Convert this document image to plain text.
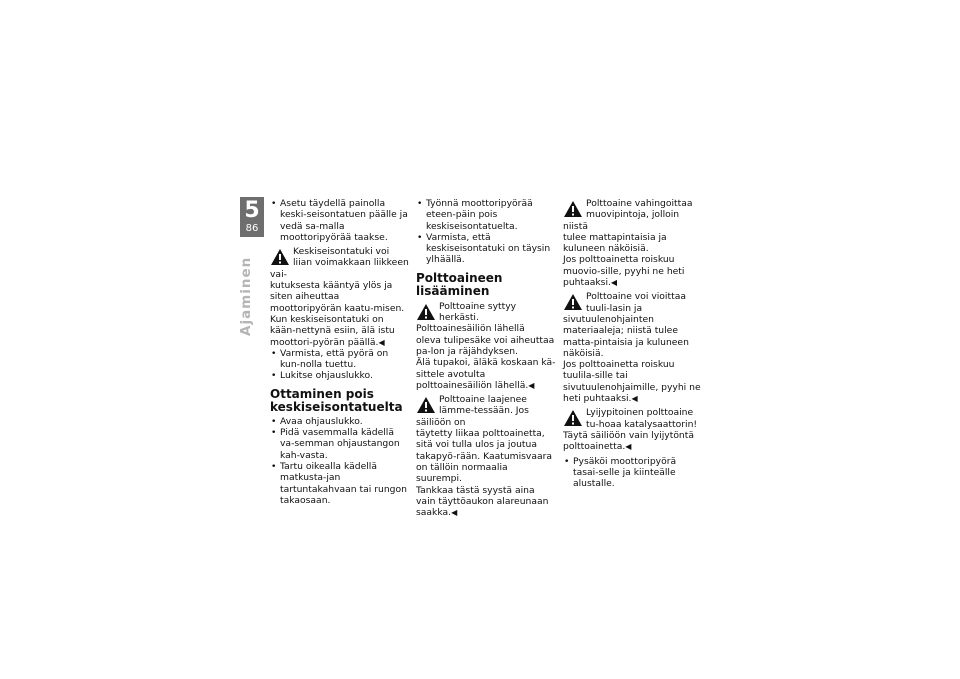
5
86
Ajaminen
• Asetu täydellä painolla keski-seisontatuen päälle ja vedä sa-malla moottoripyörää taakse.
Keskiseisontatuki voi liian voimakkaan liikkeen vai-
kutuksesta kääntyä ylös ja siten aiheuttaa moottoripyörän kaatu-misen.
Kun keskiseisontatuki on kään-nettynä esiin, älä istu moottori-pyörän päällä.◀
• Varmista, että pyörä on kun-nolla tuettu.
• Lukitse ohjauslukko.
Ottaminen pois keskiseisontatuelta
• Avaa ohjauslukko.
• Pidä vasemmalla kädellä va-semman ohjaustangon kah-vasta.
• Tartu oikealla kädellä matkusta-jan tartuntakahvaan tai rungon takaosaan.
• Työnnä moottoripyörää eteen-päin pois keskiseisontatuelta.
• Varmista, että keskiseisontatuki on täysin ylhäällä.
Polttoaineen lisääminen
Polttoaine syttyy herkästi. Polttoainesäiliön lähellä
oleva tulipesäke voi aiheuttaa pa-lon ja räjähdyksen.
Älä tupakoi, äläkä koskaan kä-sittele avotulta polttoainesäiliön lähellä.◀
Polttoaine laajenee lämme-tessään. Jos säiliöön on
täytetty liikaa polttoainetta, sitä voi tulla ulos ja joutua takapyö-rään. Kaatumisvaara on tällöin normaalia suurempi.
Tankkaa tästä syystä aina vain täyttöaukon alareunaan saakka.◀
Polttoaine vahingoittaa muovipintoja, jolloin niistä
tulee mattapintaisia ja kuluneen näköisiä.
Jos polttoainetta roiskuu muovio-sille, pyyhi ne heti puhtaaksi.◀
Polttoaine voi vioittaa tuuli-lasin ja sivutuulenohjainten
materiaaleja; niistä tulee matta-pintaisia ja kuluneen näköisiä.
Jos polttoainetta roiskuu tuulila-sille tai sivutuulenohjaimille, pyyhi ne heti puhtaaksi.◀
Lyijypitoinen polttoaine tu-hoaa katalysaattorin!
Täytä säiliöön vain lyijytöntä polttoainetta.◀
• Pysäköi moottoripyörä tasai-selle ja kiinteälle alustalle.
